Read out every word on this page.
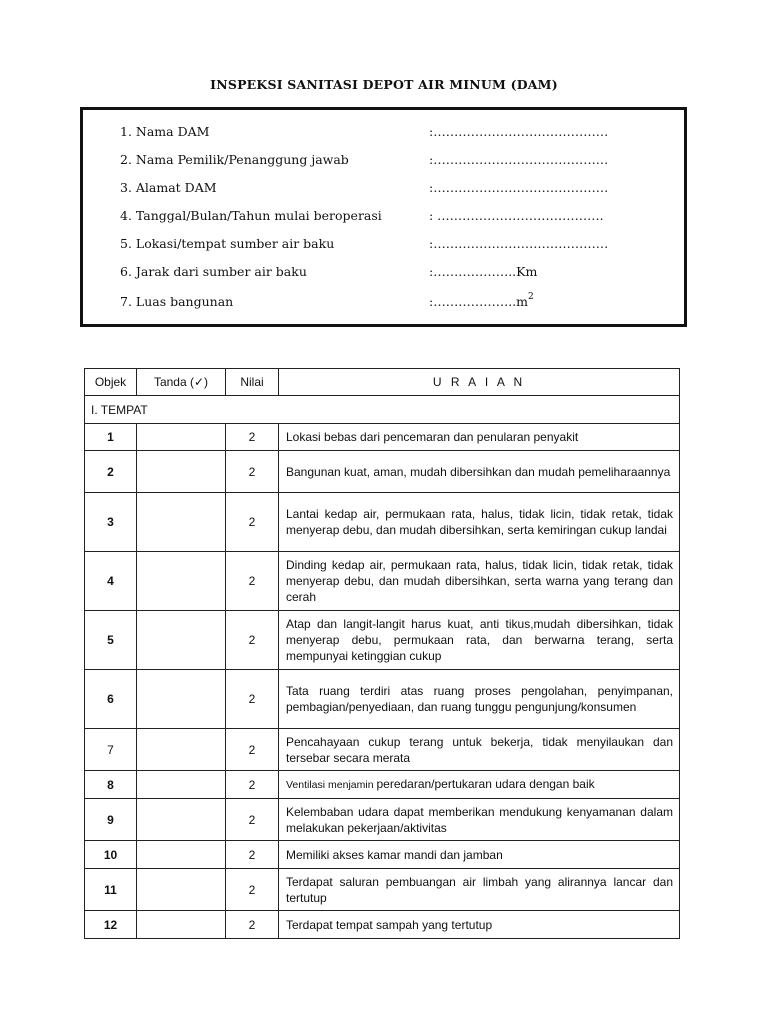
INSPEKSI SANITASI DEPOT AIR MINUM (DAM)
1. Nama DAM	:……………………………………
2. Nama Pemilik/Penanggung jawab	:……………………………………
3. Alamat DAM	:……………………………………
4. Tanggal/Bulan/Tahun mulai beroperasi	: ………………………………….
5. Lokasi/tempat sumber air baku	:……………………………………
6. Jarak dari sumber air baku	:………………..Km
7. Luas bangunan	$:\dots\dots\dots\dots\dots\dots..m^2$
Objek	Tanda (✓)	Nilai	U R A I A N
I. TEMPAT			
1		2	Lokasi bebas dari pencemaran dan penularan penyakit
2		2	Bangunan kuat, aman, mudah dibersihkan dan mudah pemeliharaannya
3		2	Lantai kedap air, permukaan rata, halus, tidak licin, tidak retak, tidak menyerap debu, dan mudah dibersihkan, serta kemiringan cukup landai
4		2	Dinding kedap air, permukaan rata, halus, tidak licin, tidak retak, tidak menyerap debu, dan mudah dibersihkan, serta warna yang terang dan cerah
5		2	Atap dan langit-langit harus kuat, anti tikus,mudah dibersihkan, tidak menyerap debu, permukaan rata, dan berwarna terang, serta mempunyai ketinggian cukup
6		2	Tata ruang terdiri atas ruang proses pengolahan, penyimpanan, pembagian/penyediaan, dan ruang tunggu pengunjung/konsumen
7		2	Pencahayaan cukup terang untuk bekerja, tidak menyilaukan dan tersebar secara merata
8		2	Ventilasi menjamin peredaran/pertukaran udara dengan baik
9		2	Kelembaban udara dapat memberikan mendukung kenyamanan dalam melakukan pekerjaan/aktivitas
10		2	Memiliki akses kamar mandi dan jamban
11		2	Terdapat saluran pembuangan air limbah yang alirannya lancar dan tertutup
12		2	Terdapat tempat sampah yang tertutup
